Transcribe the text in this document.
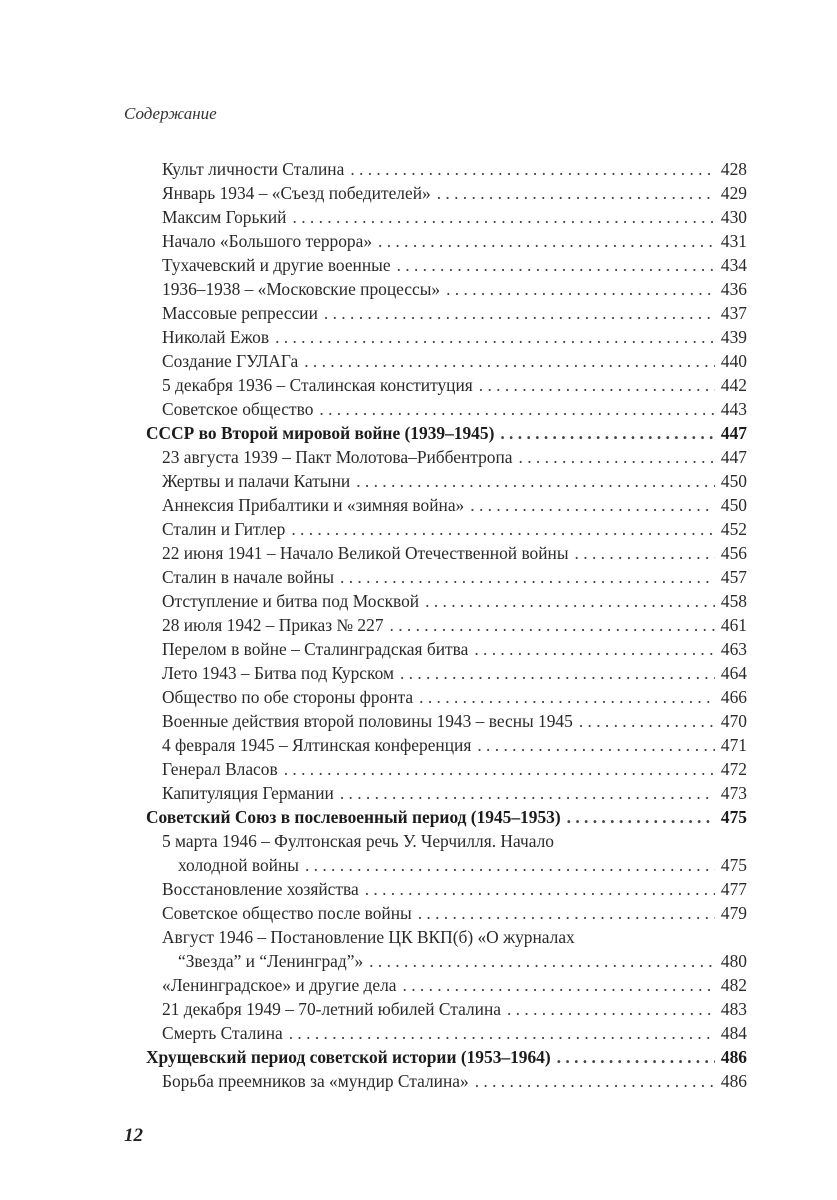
Содержание
Культ личности Сталина . . .	428
Январь 1934 – «Съезд победителей» . . .	429
Максим Горький . . .	430
Начало «Большого террора» . . .	431
Тухачевский и другие военные . . .	434
1936–1938 – «Московские процессы» . . .	436
Массовые репрессии . . .	437
Николай Ежов . . .	439
Создание ГУЛАГа . . .	440
5 декабря 1936 – Сталинская конституция . . .	442
Советское общество . . .	443
СССР во Второй мировой войне (1939–1945) . . .	447
23 августа 1939 – Пакт Молотова–Риббентропа . . .	447
Жертвы и палачи Катыни . . .	450
Аннексия Прибалтики и «зимняя война» . . .	450
Сталин и Гитлер . . .	452
22 июня 1941 – Начало Великой Отечественной войны . . .	456
Сталин в начале войны . . .	457
Отступление и битва под Москвой . . .	458
28 июля 1942 – Приказ № 227 . . .	461
Перелом в войне – Сталинградская битва . . .	463
Лето 1943 – Битва под Курском . . .	464
Общество по обе стороны фронта . . .	466
Военные действия второй половины 1943 – весны 1945 . . .	470
4 февраля 1945 – Ялтинская конференция . . .	471
Генерал Власов . . .	472
Капитуляция Германии . . .	473
Советский Союз в послевоенный период (1945–1953) . . .	475
5 марта 1946 – Фултонская речь У. Черчилля. Начало
холодной войны . . .	475
Восстановление хозяйства . . .	477
Советское общество после войны . . .	479
Август 1946 – Постановление ЦК ВКП(б) «О журналах
“Звезда” и “Ленинград”» . . .	480
«Ленинградское» и другие дела . . .	482
21 декабря 1949 – 70-летний юбилей Сталина . . .	483
Смерть Сталина . . .	484
Хрущевский период советской истории (1953–1964) . . .	486
Борьба преемников за «мундир Сталина» . . .	486
12
